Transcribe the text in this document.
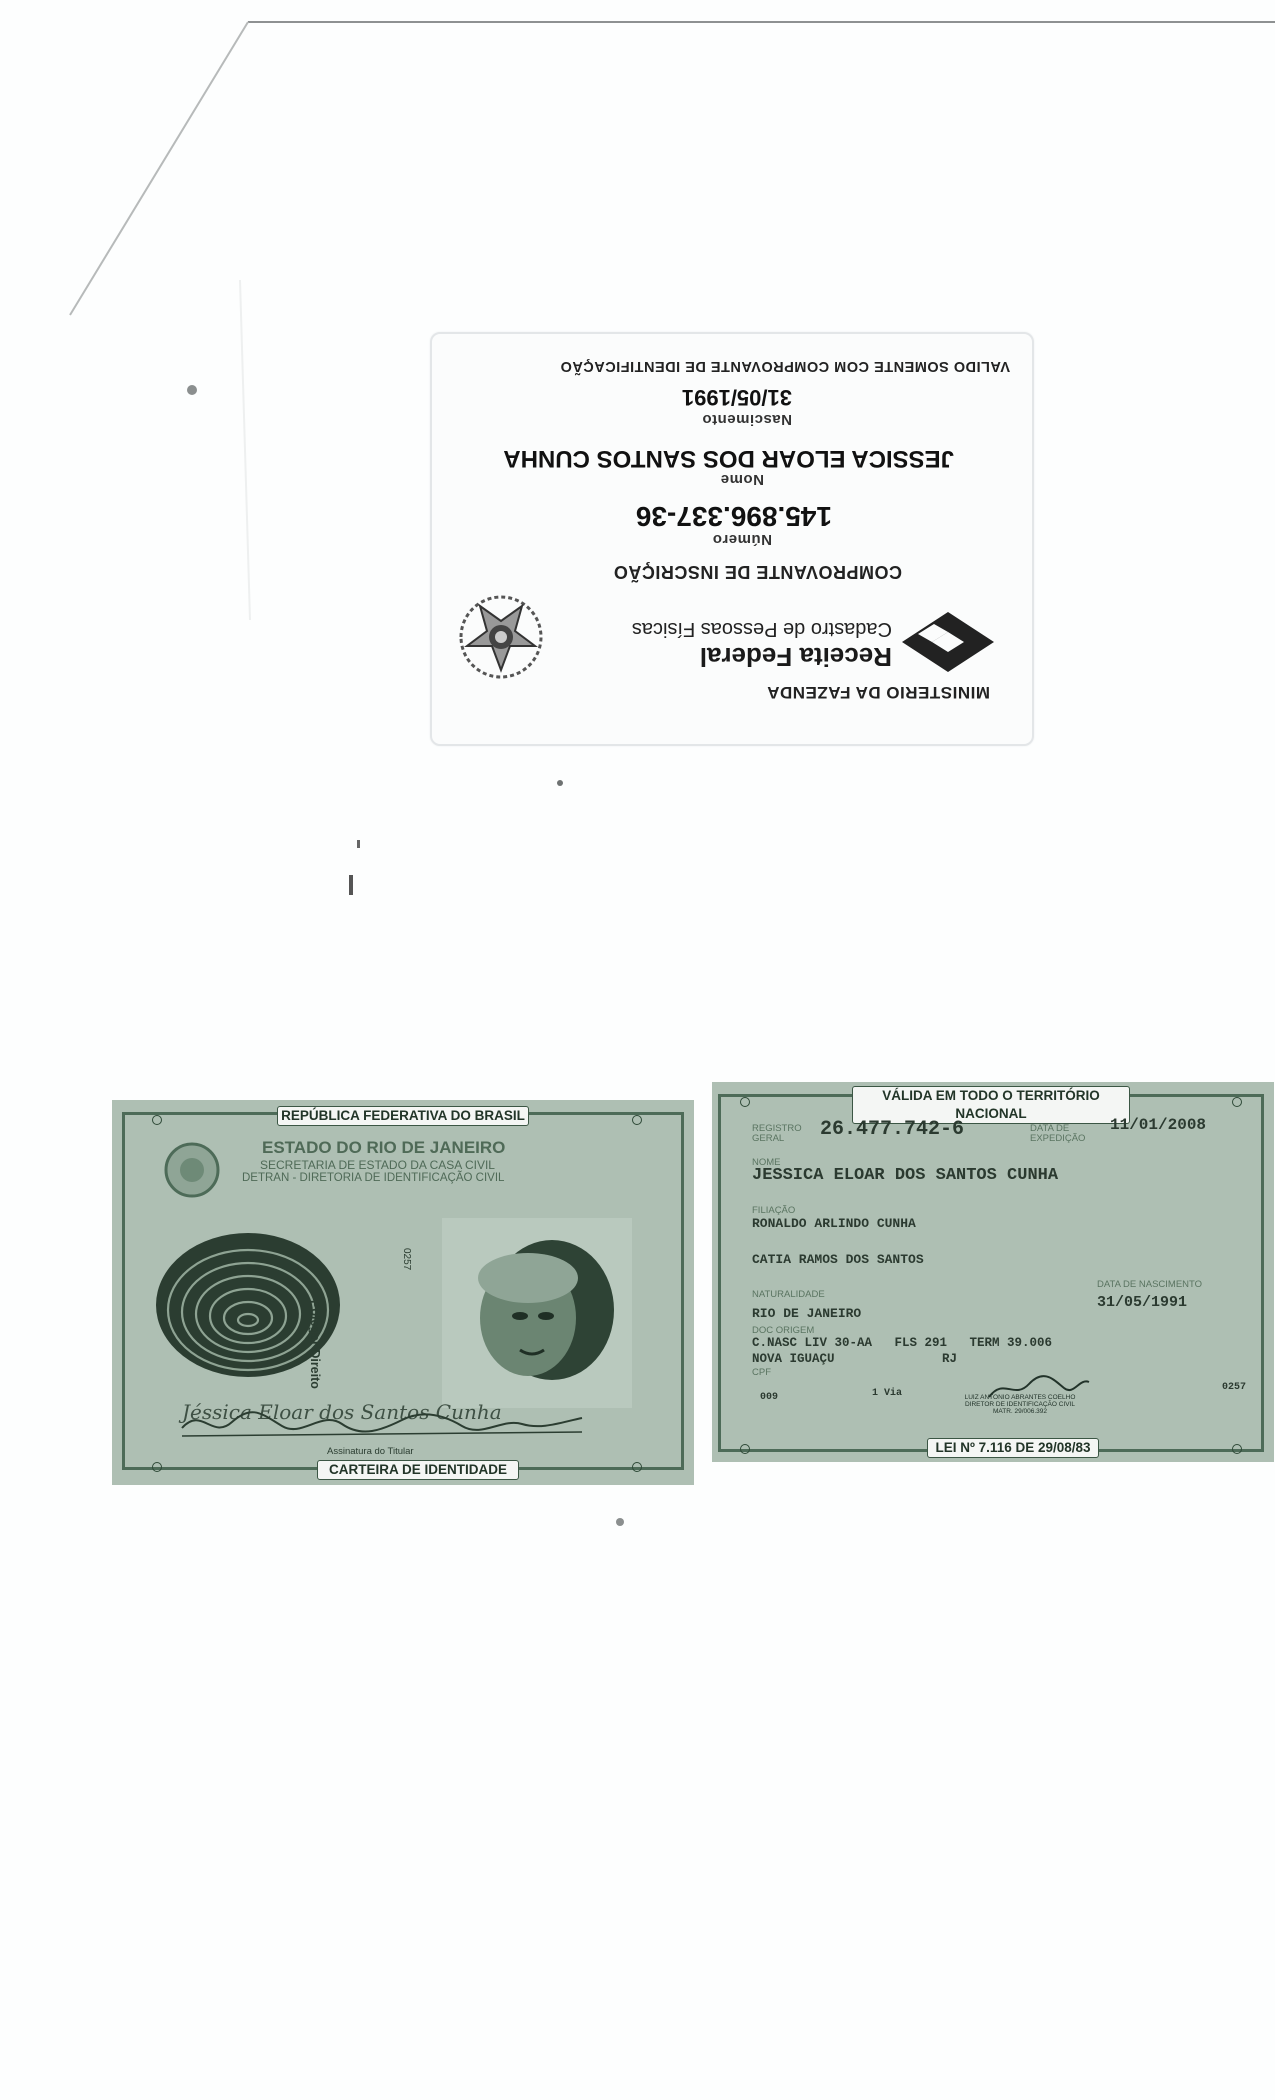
MINISTERIO DA FAZENDA
Receita Federal
Cadastro de Pessoas Físicas
COMPROVANTE DE INSCRIÇÃO
Número
145.896.337-36
Nome
JESSICA ELOAR DOS SANTOS CUNHA
Nascimento
31/05/1991
VALIDO SOMENTE COM COMPROVANTE DE IDENTIFICAÇÃO
REPÚBLICA FEDERATIVA DO BRASIL
ESTADO DO RIO DE JANEIRO
SECRETARIA DE ESTADO DA CASA CIVIL
DETRAN - DIRETORIA DE IDENTIFICAÇÃO CIVIL
Polegar Direito
0257
Jéssica Eloar dos Santos Cunha
Assinatura do Titular
CARTEIRA DE IDENTIDADE
VÁLIDA EM TODO O TERRITÓRIO NACIONAL
REGISTRO GERAL	26.477.742-6	DATA DE EXPEDIÇÃO
11/01/2008
NOME
JESSICA ELOAR DOS SANTOS CUNHA
FILIAÇÃO
RONALDO ARLINDO CUNHA
CATIA RAMOS DOS SANTOS
NATURALIDADE
RIO DE JANEIRO
DATA DE NASCIMENTO
31/05/1991
DOC ORIGEM
C.NASC LIV 30-AA   FLS 291   TERM 39.006
NOVA IGUAÇU	RJ
CPF
009	1 Via	LUIZ ANTONIO ABRANTES COELHO
DIRETOR DE IDENTIFICAÇÃO CIVIL
MATR. 29/006.392
0257
LEI Nº 7.116 DE 29/08/83
